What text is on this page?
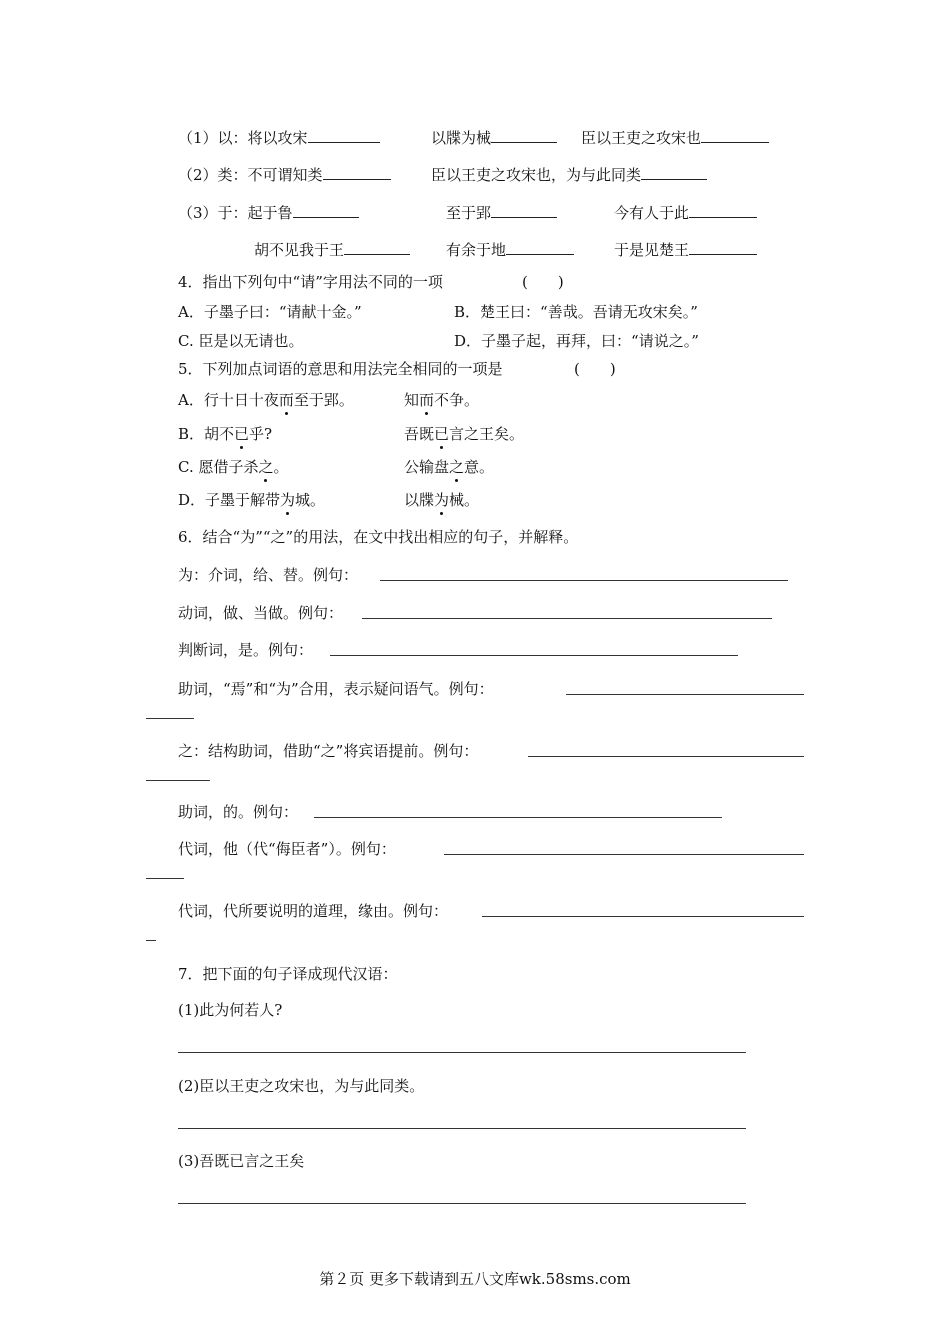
（1）以：将以攻宋	以牒为械	臣以王吏之攻宋也
（2）类：不可谓知类	臣以王吏之攻宋也，为与此同类
（3）于：起于鲁	至于郢	今有人于此
胡不见我于王	有余于地	于是见楚王
4．指出下列句中“请”字用法不同的一项	(　　)
A．子墨子曰：“请献十金。”	B．楚王曰：“善哉。吾请无攻宋矣。”
C. 臣是以无请也。	D．子墨子起，再拜，曰：“请说之。”
5．下列加点词语的意思和用法完全相同的一项是	(　　)
A．行十日十夜而至于郢。	知而不争。
B．胡不已乎?	吾既已言之王矣。
C. 愿借子杀之。	公输盘之意。
D．子墨于解带为城。	以牒为械。
6．结合“为”“之”的用法，在文中找出相应的句子，并解释。
为：介词，给、替。例句：
动词，做、当做。例句：
判断词，是。例句：
助词，“焉”和“为”合用，表示疑问语气。例句：
之：结构助词，借助“之”将宾语提前。例句：
助词，的。例句：
代词，他（代“侮臣者”）。例句：
代词，代所要说明的道理，缘由。例句：
7．把下面的句子译成现代汉语：
(1)此为何若人?
(2)臣以王吏之攻宋也，为与此同类。
(3)吾既已言之王矣
第２页 更多下载请到五八文库wk.58sms.com
